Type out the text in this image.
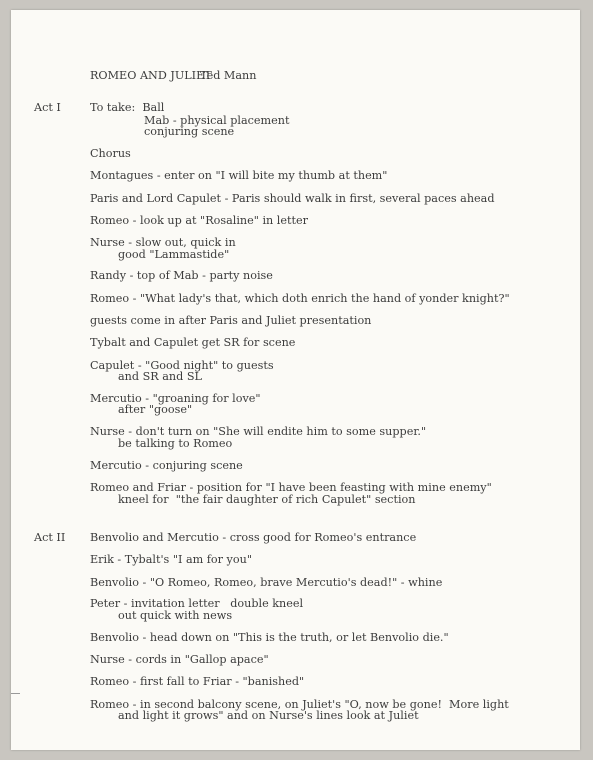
ROMEO AND JULIET
Ted Mann
Act I
Act II
To take:  Ball
Mab - physical placement
conjuring scene
Chorus
Montagues - enter on "I will bite my thumb at them"
Paris and Lord Capulet - Paris should walk in first, several paces ahead
Romeo - look up at "Rosaline" in letter
Nurse - slow out, quick in
good "Lammastide"
Randy - top of Mab - party noise
Romeo - "What lady's that, which doth enrich the hand of yonder knight?"
guests come in after Paris and Juliet presentation
Tybalt and Capulet get SR for scene
Capulet - "Good night" to guests
and SR and SL
Mercutio - "groaning for love"
after "goose"
Nurse - don't turn on "She will endite him to some supper."
be talking to Romeo
Mercutio - conjuring scene
Romeo and Friar - position for "I have been feasting with mine enemy"
kneel for  "the fair daughter of rich Capulet" section
Benvolio and Mercutio - cross good for Romeo's entrance
Erik - Tybalt's "I am for you"
Benvolio - "O Romeo, Romeo, brave Mercutio's dead!" - whine
Peter - invitation letter   double kneel
out quick with news
Benvolio - head down on "This is the truth, or let Benvolio die."
Nurse - cords in "Gallop apace"
Romeo - first fall to Friar - "banished"
Romeo - in second balcony scene, on Juliet's "O, now be gone!  More light
and light it grows" and on Nurse's lines look at Juliet
